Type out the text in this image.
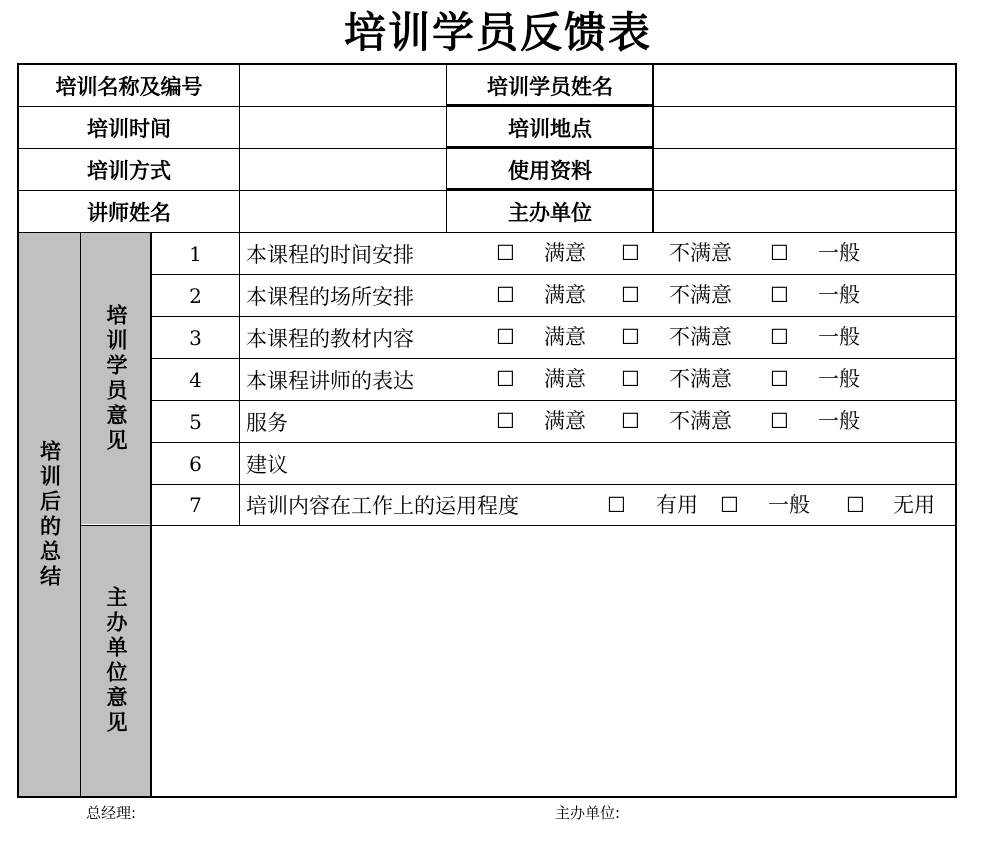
培训学员反馈表
培训名称及编号	培训学员姓名
培训时间	培训地点
培训方式	使用资料
讲师姓名	主办单位
培训后的总结
培训学员意见
主办单位意见
1	本课程的时间安排	☐ 满意 ☐ 不满意 ☐ 一般
2	本课程的场所安排	☐ 满意 ☐ 不满意 ☐ 一般
3	本课程的教材内容	☐ 满意 ☐ 不满意 ☐ 一般
4	本课程讲师的表达	☐ 满意 ☐ 不满意 ☐ 一般
5	服务	☐ 满意 ☐ 不满意 ☐ 一般
6	建议
7	培训内容在工作上的运用程度	☐ 有用 ☐ 一般 ☐ 无用
总经理:	主办单位:
